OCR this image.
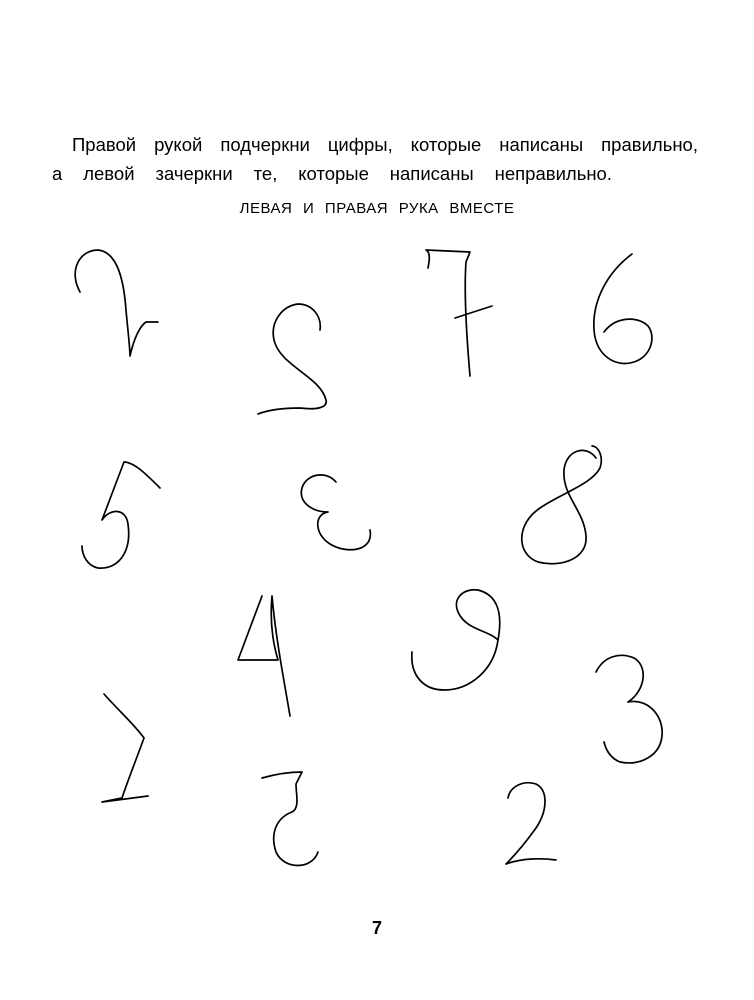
Правой рукой подчеркни цифры, которые написаны правильно,
а левой зачеркни те, которые написаны неправильно.
ЛЕВАЯ И ПРАВАЯ РУКА ВМЕСТЕ
7
